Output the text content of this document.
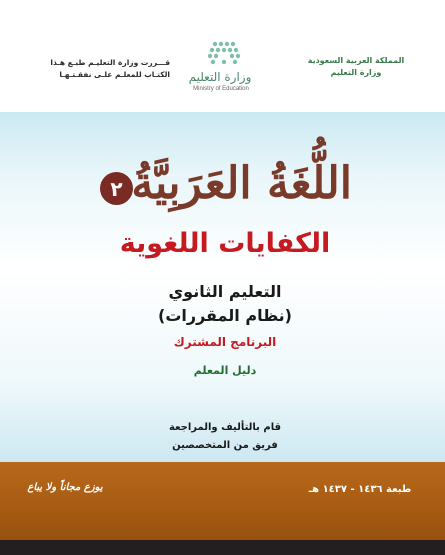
قـــررت وزارة التعليـم طبـع هـذا
الكتـاب للمعلـم علـى نفقـتـهـا	وزارة التعليم
Ministry of Education
المملكة العربية السعودية
وزارة التعليم
٢ اللُّغَةُ العَرَبِيَّةُ
الكفايات اللغوية
التعليم الثانوي
(نظام المقررات)
البرنامج المشترك
دليل المعلم
قام بالتأليف والمراجعة
فريق من المتخصصين
طبعة ١٤٣٦ - ١٤٣٧ هـ
يوزع مجاناً ولا يباع
